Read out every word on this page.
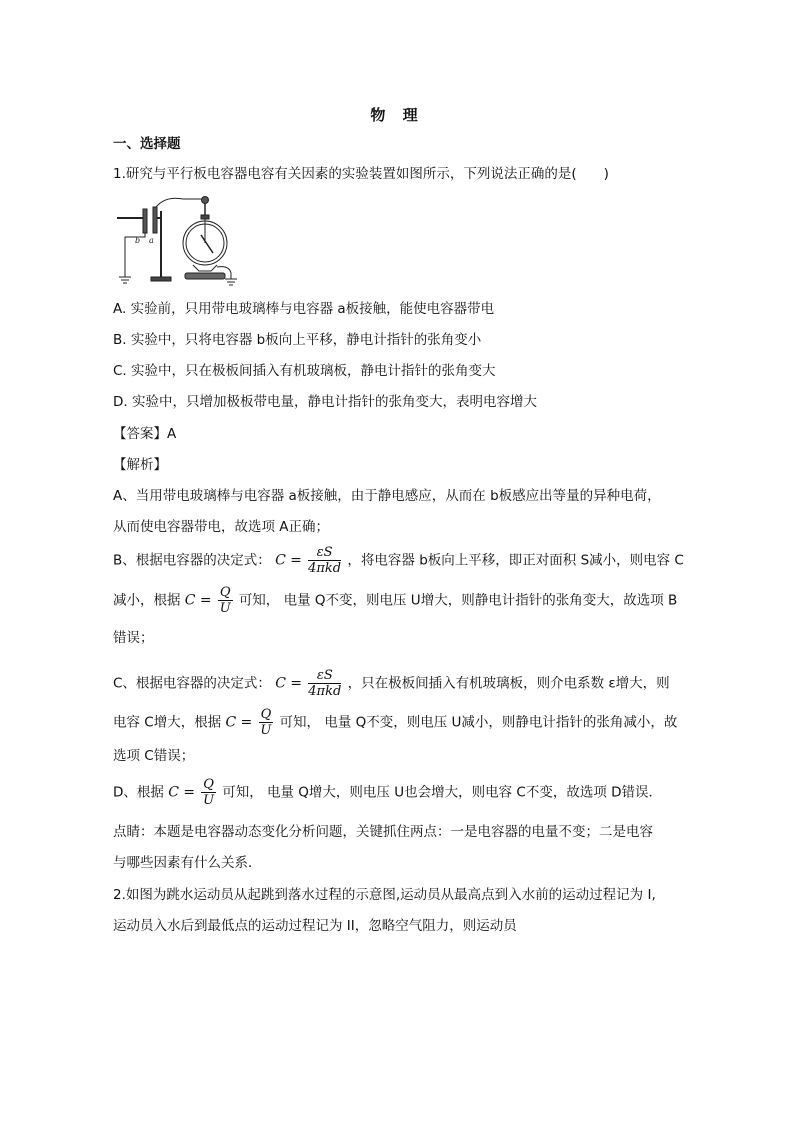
物 理
一、选择题
1.研究与平行板电容器电容有关因素的实验装置如图所示，下列说法正确的是(　　)
b a
A. 实验前，只用带电玻璃棒与电容器 a板接触，能使电容器带电
B. 实验中，只将电容器 b板向上平移，静电计指针的张角变小
C. 实验中，只在极板间插入有机玻璃板，静电计指针的张角变大
D. 实验中，只增加极板带电量，静电计指针的张角变大，表明电容增大
【答案】A
【解析】
A、当用带电玻璃棒与电容器 a板接触，由于静电感应，从而在 b板感应出等量的异种电荷，
从而使电容器带电，故选项 A正确；
B、根据电容器的决定式： $C = \frac{\varepsilon S}{\text{4πkd}}$ ，将电容器 b板向上平移，即正对面积 S减小，则电容 C
减小，根据 $C = \frac{Q}{U}$ 可知， 电量 Q不变，则电压 U增大，则静电计指针的张角变大，故选项 B
错误；
C、根据电容器的决定式： $C = \frac{\varepsilon S}{\text{4πkd}}$ ，只在极板间插入有机玻璃板，则介电系数 ε增大，则
电容 C增大，根据 $C = \frac{Q}{U}$ 可知， 电量 Q不变，则电压 U减小，则静电计指针的张角减小，故
选项 C错误；
D、根据 $C = \frac{Q}{U}$ 可知， 电量 Q增大，则电压 U也会增大，则电容 C不变，故选项 D错误．
点睛：本题是电容器动态变化分析问题，关键抓住两点：一是电容器的电量不变；二是电容
与哪些因素有什么关系．
2.如图为跳水运动员从起跳到落水过程的示意图,运动员从最高点到入水前的运动过程记为 I,
运动员入水后到最低点的运动过程记为 II，忽略空气阻力，则运动员
